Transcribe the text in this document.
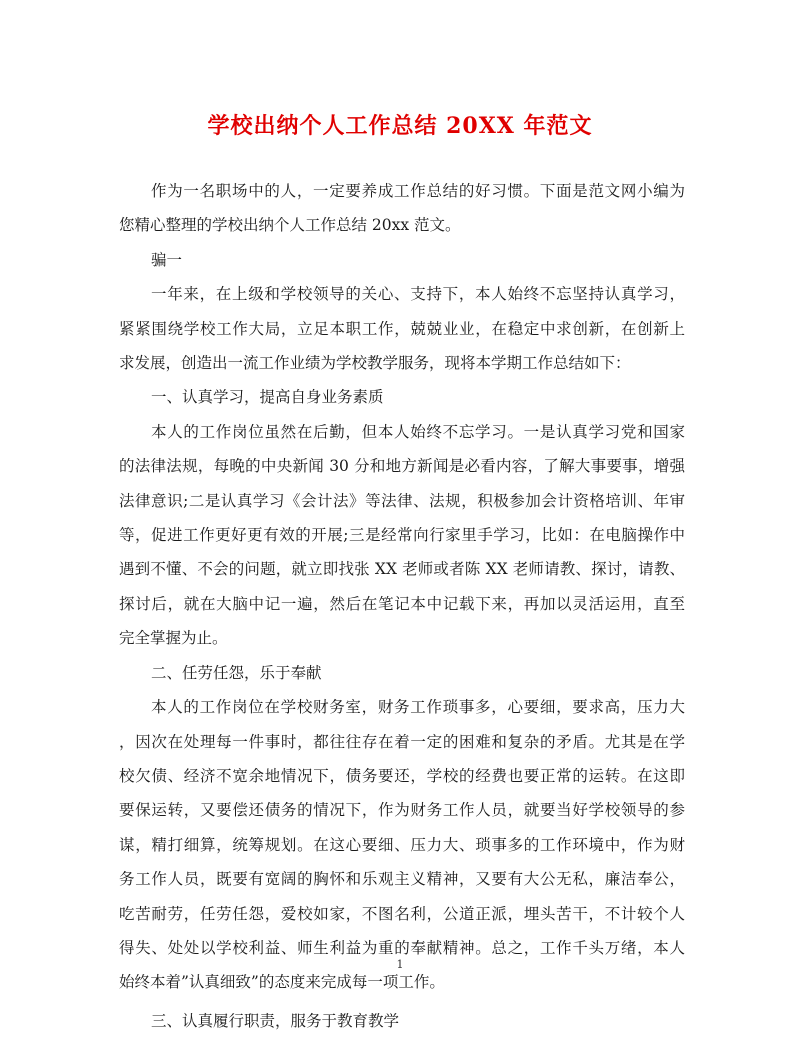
学校出纳个人工作总结 20XX 年范文
作为一名职场中的人，一定要养成工作总结的好习惯。下面是范文网小编为
您精心整理的学校出纳个人工作总结 20xx 范文。
骗一
一年来，在上级和学校领导的关心、支持下，本人始终不忘坚持认真学习，
紧紧围绕学校工作大局，立足本职工作，兢兢业业，在稳定中求创新，在创新上
求发展，创造出一流工作业绩为学校教学服务，现将本学期工作总结如下：
一、认真学习，提高自身业务素质
本人的工作岗位虽然在后勤，但本人始终不忘学习。一是认真学习党和国家
的法律法规，每晚的中央新闻 30 分和地方新闻是必看内容，了解大事要事，增强
法律意识;二是认真学习《会计法》等法律、法规，积极参加会计资格培训、年审
等，促进工作更好更有效的开展;三是经常向行家里手学习，比如：在电脑操作中
遇到不懂、不会的问题，就立即找张 XX 老师或者陈 XX 老师请教、探讨，请教、
探讨后，就在大脑中记一遍，然后在笔记本中记载下来，再加以灵活运用，直至
完全掌握为止。
二、任劳任怨，乐于奉献
本人的工作岗位在学校财务室，财务工作琐事多，心要细，要求高，压力大
，因次在处理每一件事时，都往往存在着一定的困难和复杂的矛盾。尤其是在学
校欠债、经济不宽余地情况下，债务要还，学校的经费也要正常的运转。在这即
要保运转，又要偿还债务的情况下，作为财务工作人员，就要当好学校领导的参
谋，精打细算，统筹规划。在这心要细、压力大、琐事多的工作环境中，作为财
务工作人员，既要有宽阔的胸怀和乐观主义精神，又要有大公无私，廉洁奉公，
吃苦耐劳，任劳任怨，爱校如家，不图名利，公道正派，埋头苦干，不计较个人
得失、处处以学校利益、师生利益为重的奉献精神。总之，工作千头万绪，本人
始终本着”认真细致”的态度来完成每一项工作。
三、认真履行职责，服务于教育教学
1
